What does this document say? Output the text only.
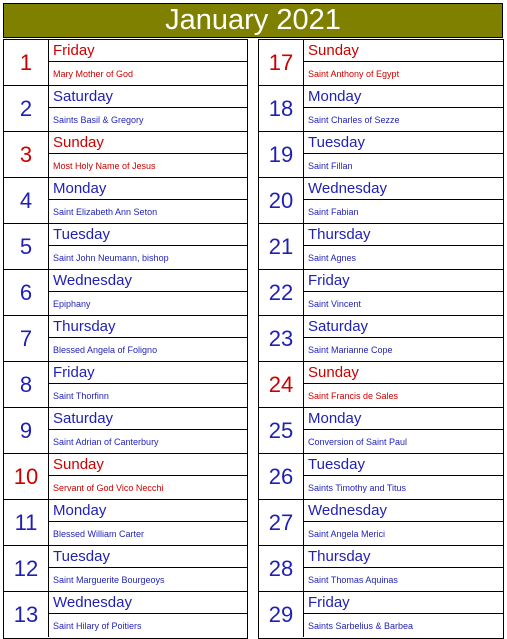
January 2021
1	Friday
Mary Mother of God
2	Saturday
Saints Basil & Gregory
3	Sunday
Most Holy Name of Jesus
4	Monday
Saint Elizabeth Ann Seton
5	Tuesday
Saint John Neumann, bishop
6	Wednesday
Epiphany
7	Thursday
Blessed Angela of Foligno
8	Friday
Saint Thorfinn
9	Saturday
Saint Adrian of Canterbury
10 Sunday
Servant of God Vico Necchi
11	Monday
Blessed William Carter
12 Tuesday
Saint Marguerite Bourgeoys
13 Wednesday
Saint Hilary of Poitiers
17 Sunday
Saint Anthony of Egypt
18 Monday
Saint Charles of Sezze
19 Tuesday
Saint Fillan
20 Wednesday
Saint Fabian
21 Thursday
Saint Agnes
22 Friday
Saint Vincent
23 Saturday
Saint Marianne Cope
24 Sunday
Saint Francis de Sales
25 Monday
Conversion of Saint Paul
26 Tuesday
Saints Timothy and Titus
27 Wednesday
Saint Angela Merici
28 Thursday
Saint Thomas Aquinas
29 Friday
Saints Sarbelius & Barbea
